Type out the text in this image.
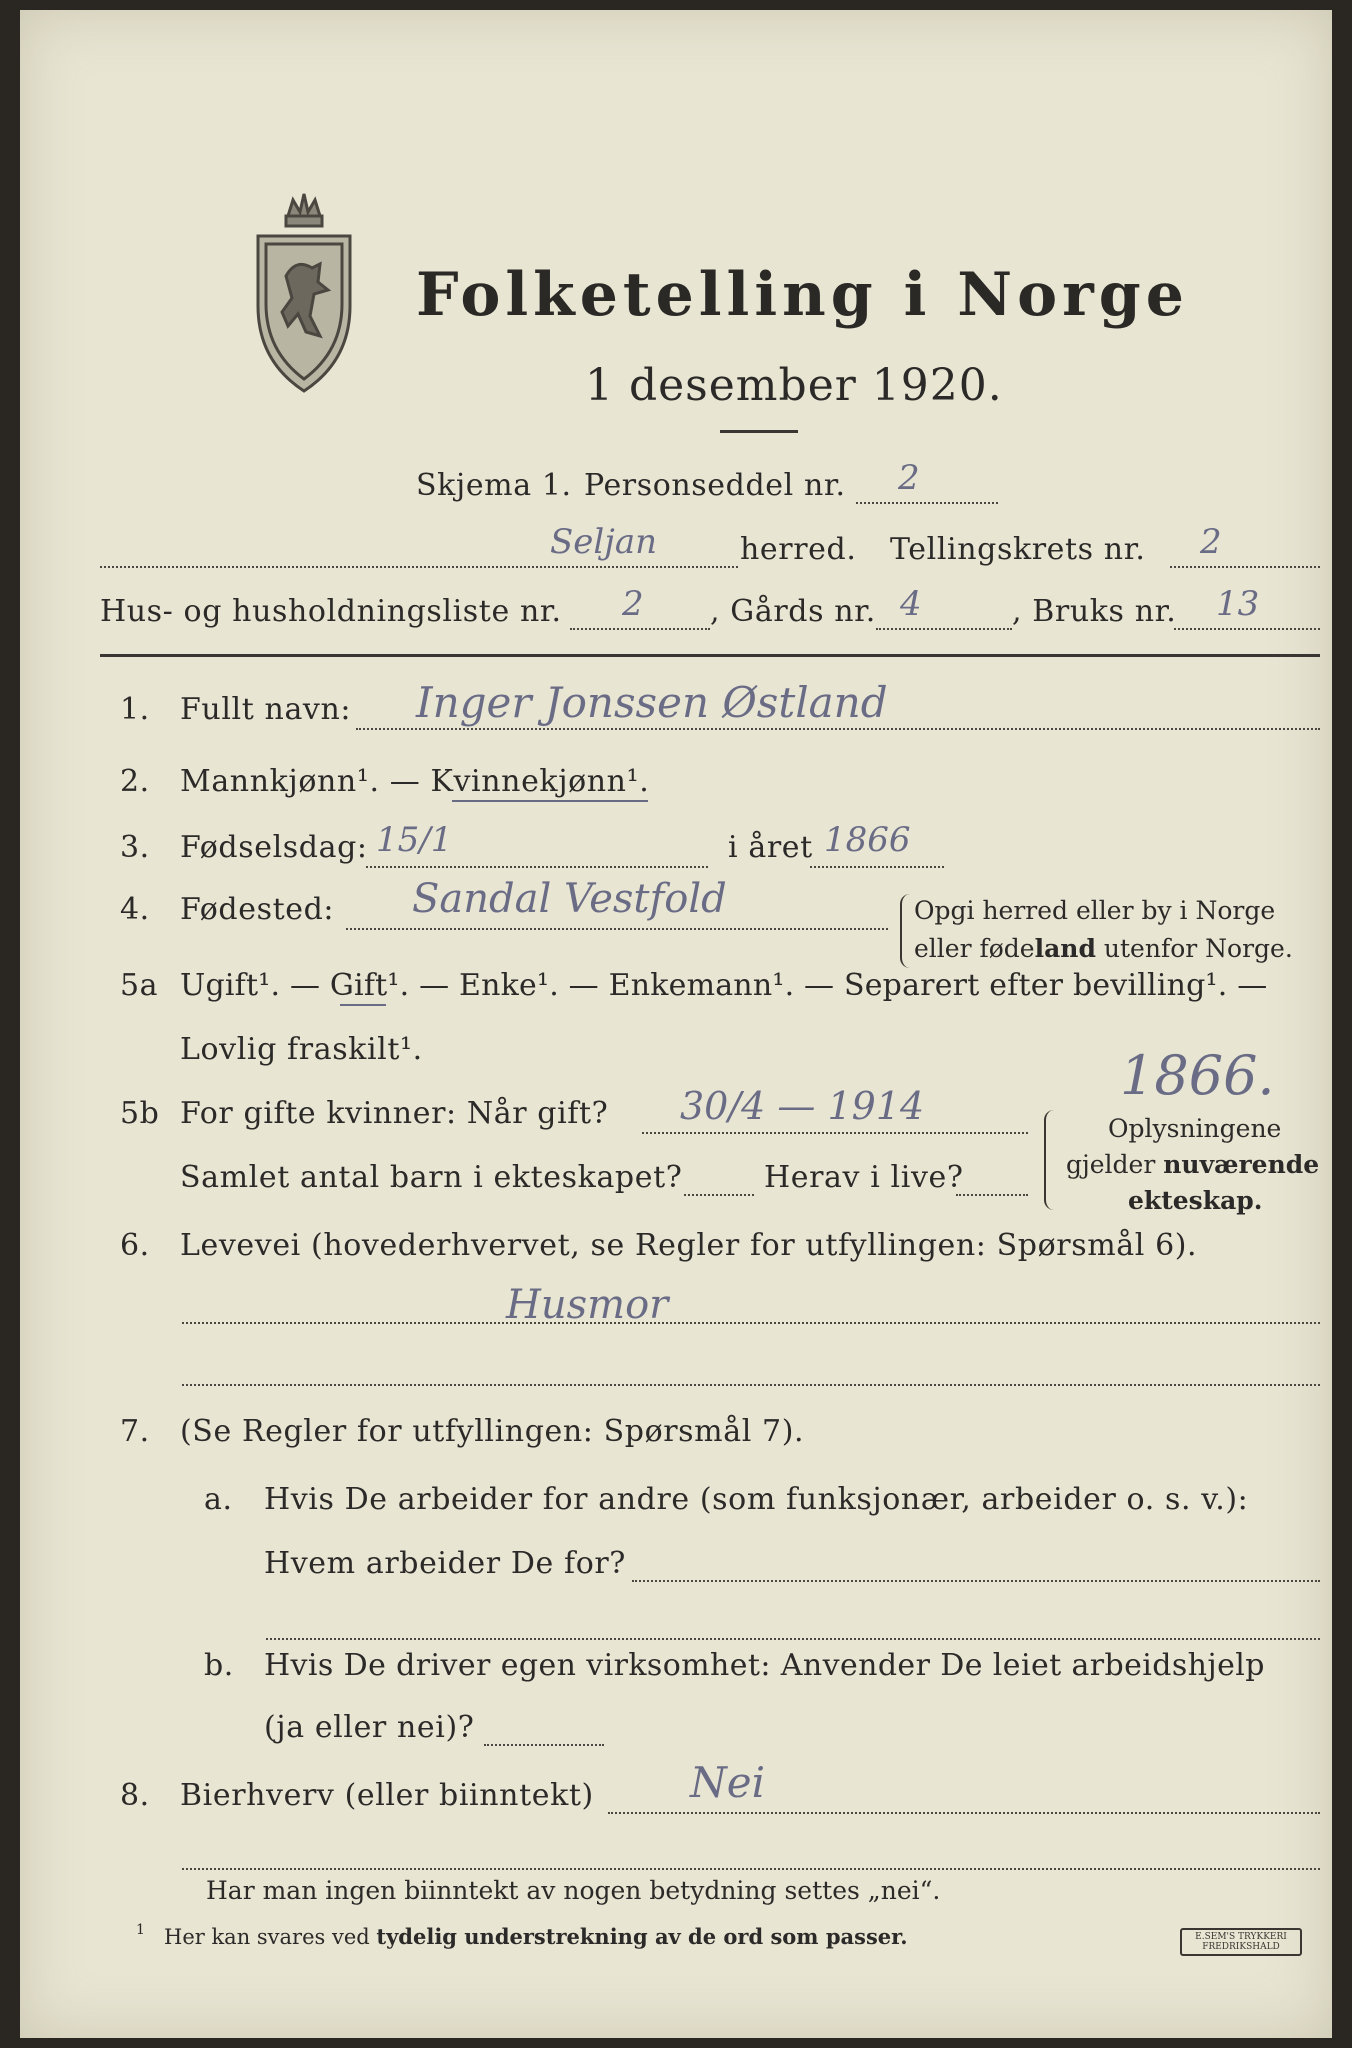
Folketelling i Norge
1 desember 1920.
Skjema 1. Personseddel nr. 2
Seljan	herred. Tellingskrets nr. 2
Hus- og husholdningsliste nr. 2 , Gårds nr. 4	, Bruks nr. 13
1. Fullt navn: Inger Jonssen Østland
2. Mannkjønn¹. — Kvinnekjønn¹.
3. Fødselsdag: 15/1	i året 1866
4. Fødested: Sandal Vestfold	Opgi herred eller by i Norge
eller fødeland utenfor Norge.
5a Ugift¹. — Gift¹. — Enke¹. — Enkemann¹. — Separert efter bevilling¹. —
Lovlig fraskilt¹.	1866.
5b For gifte kvinner: Når gift? 30/4 — 1914
Samlet antal barn i ekteskapet?	Herav i live?
Oplysningene
gjelder nuværende
ekteskap.
6. Levevei (hovederhvervet, se Regler for utfyllingen: Spørsmål 6).
Husmor
7. (Se Regler for utfyllingen: Spørsmål 7).
a. Hvis De arbeider for andre (som funksjonær, arbeider o. s. v.):
Hvem arbeider De for?
b. Hvis De driver egen virksomhet: Anvender De leiet arbeidshjelp
(ja eller nei)?
8. Bierhverv (eller biinntekt) Nei
Har man ingen biinntekt av nogen betydning settes „nei“.
1 Her kan svares ved tydelig understrekning av de ord som passer.	E.SEM'S TRYKKERI
FREDRIKSHALD
